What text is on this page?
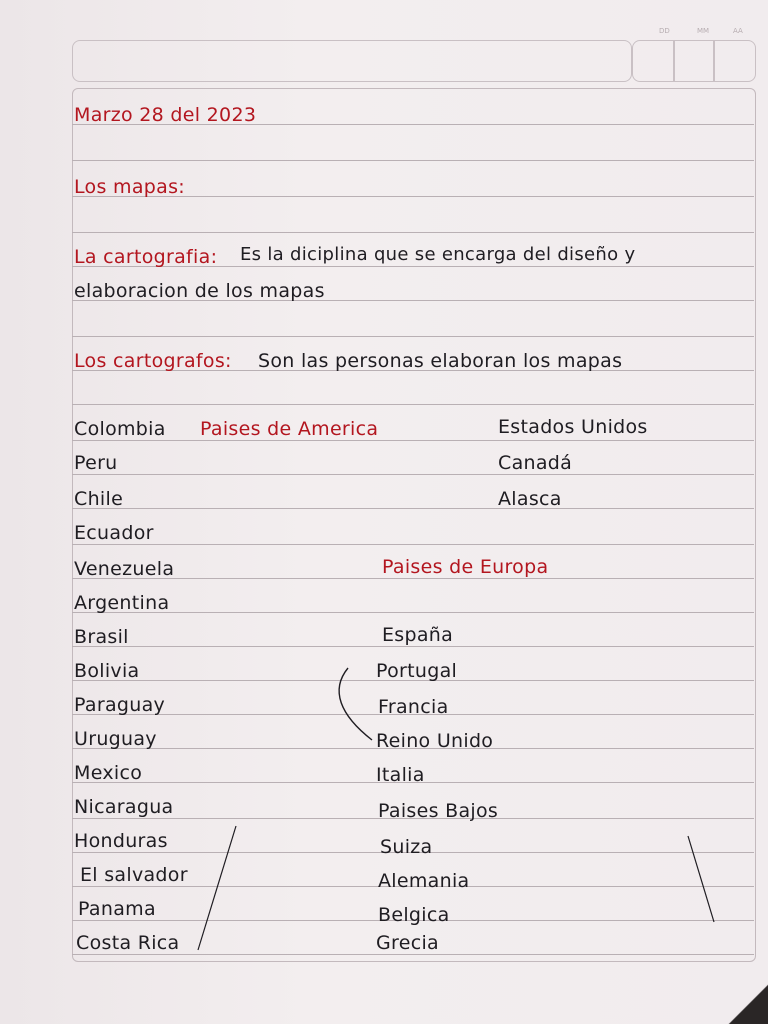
DD	MM	AA
Marzo 28 del 2023
Los mapas:
La cartografia: Es la diciplina que se encarga del diseño y
elaboracion de los mapas
Los cartografos: Son las personas elaboran los mapas
Paises de America
Colombia
Peru
Chile
Ecuador
Venezuela
Argentina
Brasil
Bolivia
Paraguay
Uruguay
Mexico
Nicaragua
Honduras
El salvador
Panama
Costa Rica
Estados Unidos
Canadá
Alasca
Paises de Europa
España
Portugal
Francia
Reino Unido
Italia
Paises Bajos
Suiza
Alemania
Belgica
Grecia
